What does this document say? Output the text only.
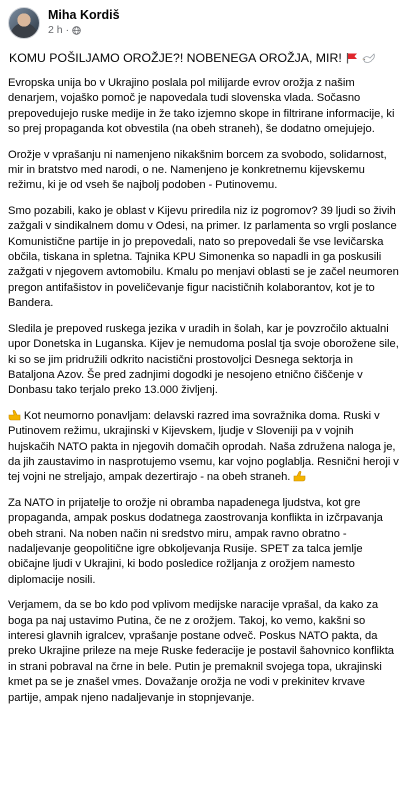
Miha Kordiš
2 h ·
KOMU POŠILJAMO OROŽJE?! NOBENEGA OROŽJA, MIR!
Evropska unija bo v Ukrajino poslala pol milijarde evrov orožja z našim denarjem, vojaško pomoč je napovedala tudi slovenska vlada. Sočasno prepovedujejo ruske medije in že tako izjemno skope in filtrirane informacije, ki so prej propaganda kot obvestila (na obeh straneh), še dodatno omejujejo.
Orožje v vprašanju ni namenjeno nikakšnim borcem za svobodo, solidarnost, mir in bratstvo med narodi, o ne. Namenjeno je konkretnemu kijevskemu režimu, ki je od vseh še najbolj podoben - Putinovemu.
Smo pozabili, kako je oblast v Kijevu priredila niz iz pogromov? 39 ljudi so živih zažgali v sindikalnem domu v Odesi, na primer. Iz parlamenta so vrgli poslance Komunistične partije in jo prepovedali, nato so prepovedali še vse levičarska občila, tiskana in spletna. Tajnika KPU Simonenka so napadli in ga poskusili zažgati v njegovem avtomobilu. Kmalu po menjavi oblasti se je začel neumoren pregon antifašistov in poveličevanje figur nacističnih kolaborantov, kot je to Bandera.
Sledila je prepoved ruskega jezika v uradih in šolah, kar je povzročilo aktualni upor Donetska in Luganska. Kijev je nemudoma poslal tja svoje oborožene sile, ki so se jim pridružili odkrito nacistični prostovoljci Desnega sektorja in Bataljona Azov. Še pred zadnjimi dogodki je nesojeno etnično čiščenje v Donbasu tako terjalo preko 13.000 življenj.
Kot neumorno ponavljam: delavski razred ima sovražnika doma. Ruski v Putinovem režimu, ukrajinski v Kijevskem, ljudje v Sloveniji pa v vojnih hujskačih NATO pakta in njegovih domačih oprodah. Naša združena naloga je, da jih zaustavimo in nasprotujemo vsemu, kar vojno poglablja. Resnični heroji v tej vojni ne streljajo, ampak dezertirajo - na obeh straneh.
Za NATO in prijatelje to orožje ni obramba napadenega ljudstva, kot gre propaganda, ampak poskus dodatnega zaostrovanja konflikta in izčrpavanja obeh strani. Na noben način ni sredstvo miru, ampak ravno obratno - nadaljevanje geopolitične igre obkoljevanja Rusije. SPET za talca jemlje običajne ljudi v Ukrajini, ki bodo posledice rožljanja z orožjem namesto diplomacije nosili.
Verjamem, da se bo kdo pod vplivom medijske naracije vprašal, da kako za boga pa naj ustavimo Putina, če ne z orožjem. Takoj, ko vemo, kakšni so interesi glavnih igralcev, vprašanje postane odveč. Poskus NATO pakta, da preko Ukrajine prileze na meje Ruske federacije je postavil šahovnico konflikta in strani pobraval na črne in bele. Putin je premaknil svojega topa, ukrajinski kmet pa se je znašel vmes. Dovažanje orožja ne vodi v prekinitev krvave partije, ampak njeno nadaljevanje in stopnjevanje.
